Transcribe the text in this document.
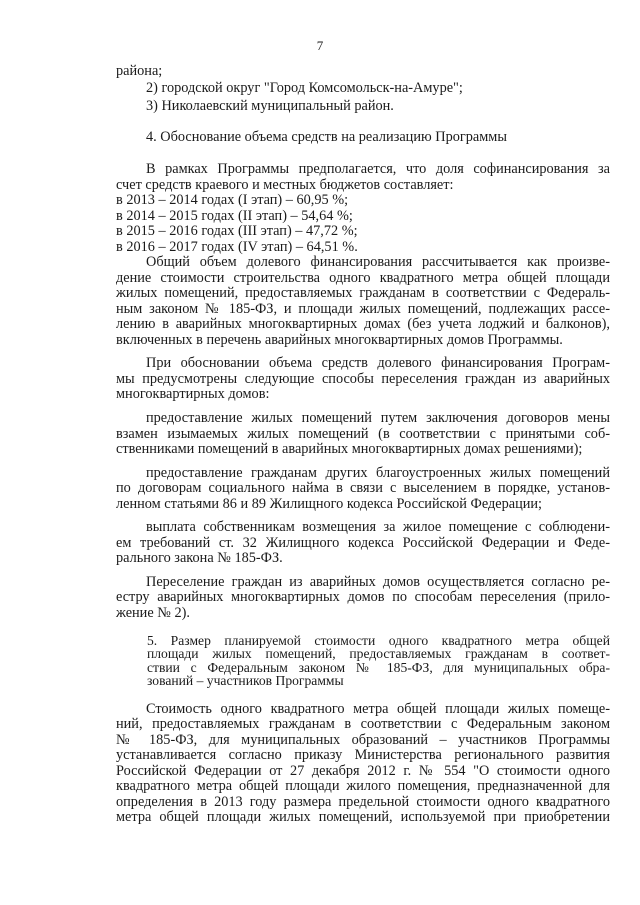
7
района;
2) городской округ "Город Комсомольск-на-Амуре";
3) Николаевский муниципальный район.
4. Обоснование объема средств на реализацию Программы
В рамках Программы предполагается, что доля софинансирования за
счет средств краевого и местных бюджетов составляет:
в 2013 – 2014 годах (I этап) – 60,95 %;
в 2014 – 2015 годах (II этап) – 54,64 %;
в 2015 – 2016 годах (III этап) – 47,72 %;
в 2016 – 2017 годах (IV этап) – 64,51 %.
Общий объем долевого финансирования рассчитывается как произве-
дение стоимости строительства одного квадратного метра общей площади
жилых помещений, предоставляемых гражданам в соответствии с Федераль-
ным законом № 185-ФЗ, и площади жилых помещений, подлежащих рассе-
лению в аварийных многоквартирных домах (без учета лоджий и балконов),
включенных в перечень аварийных многоквартирных домов Программы.
При обосновании объема средств долевого финансирования Програм-
мы предусмотрены следующие способы переселения граждан из аварийных
многоквартирных домов:
предоставление жилых помещений путем заключения договоров мены
взамен изымаемых жилых помещений (в соответствии с принятыми соб-
ственниками помещений в аварийных многоквартирных домах решениями);
предоставление гражданам других благоустроенных жилых помещений
по договорам социального найма в связи с выселением в порядке, установ-
ленном статьями 86 и 89 Жилищного кодекса Российской Федерации;
выплата собственникам возмещения за жилое помещение с соблюдени-
ем требований ст. 32 Жилищного кодекса Российской Федерации и Феде-
рального закона № 185-ФЗ.
Переселение граждан из аварийных домов осуществляется согласно ре-
естру аварийных многоквартирных домов по способам переселения (прило-
жение № 2).
5. Размер планируемой стоимости одного квадратного метра общей
площади жилых помещений, предоставляемых гражданам в соответ-
ствии с Федеральным законом № 185-ФЗ, для муниципальных обра-
зований – участников Программы
Стоимость одного квадратного метра общей площади жилых помеще-
ний, предоставляемых гражданам в соответствии с Федеральным законом
№ 185-ФЗ, для муниципальных образований – участников Программы
устанавливается согласно приказу Министерства регионального развития
Российской Федерации от 27 декабря 2012 г. № 554 "О стоимости одного
квадратного метра общей площади жилого помещения, предназначенной для
определения в 2013 году размера предельной стоимости одного квадратного
метра общей площади жилых помещений, используемой при приобретении
